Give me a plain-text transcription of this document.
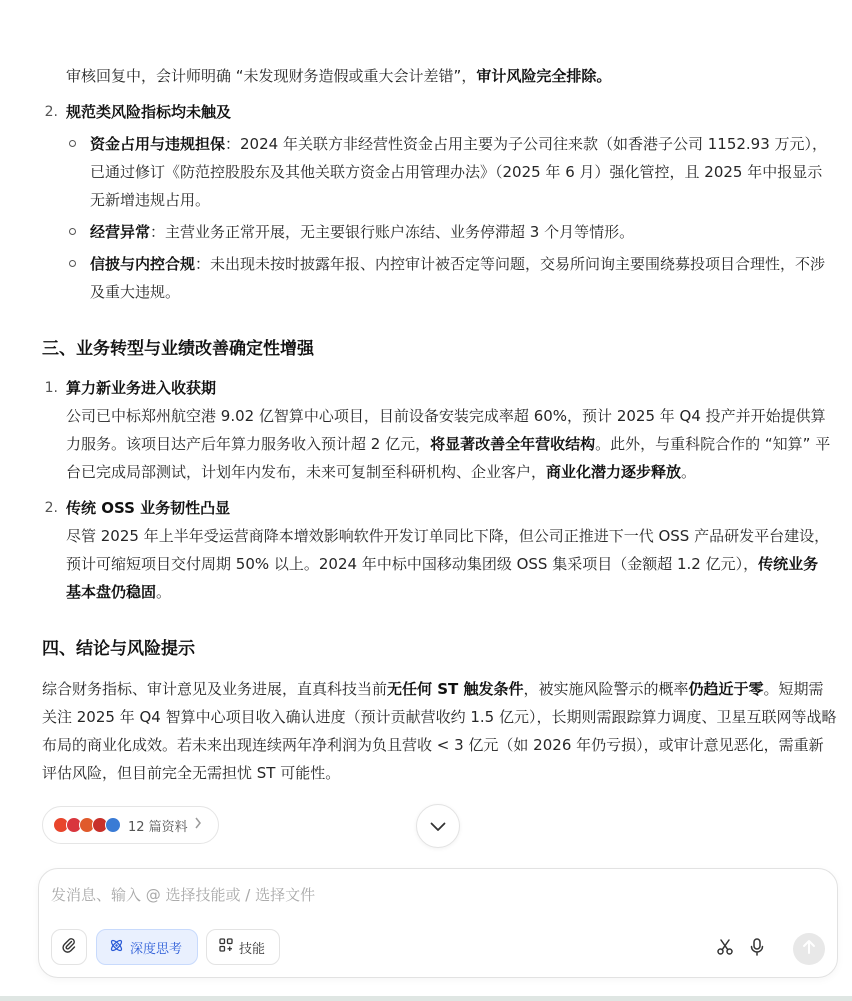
审核回复中，会计师明确 “未发现财务造假或重大会计差错”，审计风险完全排除。

2. 规范类风险指标均未触及
资金占用与违规担保：2024 年关联方非经营性资金占用主要为子公司往来款（如香港子公司 1152.93 万元），已通过修订《防范控股股东及其他关联方资金占用管理办法》（2025 年 6 月）强化管控，且 2025 年中报显示无新增违规占用。
经营异常：主营业务正常开展，无主要银行账户冻结、业务停滞超 3 个月等情形。
信披与内控合规：未出现未按时披露年报、内控审计被否定等问题，交易所问询主要围绕募投项目合理性，不涉及重大违规。
三、业务转型与业绩改善确定性增强
1. 算力新业务进入收获期

公司已中标郑州航空港 9.02 亿智算中心项目，目前设备安装完成率超 60%，预计 2025 年 Q4 投产并开始提供算力服务。该项目达产后年算力服务收入预计超 2 亿元，将显著改善全年营收结构。此外，与重科院合作的 “知算” 平台已完成局部测试，计划年内发布，未来可复制至科研机构、企业客户，商业化潜力逐步释放。

2. 传统 OSS 业务韧性凸显

尽管 2025 年上半年受运营商降本增效影响软件开发订单同比下降，但公司正推进下一代 OSS 产品研发平台建设，预计可缩短项目交付周期 50% 以上。2024 年中标中国移动集团级 OSS 集采项目（金额超 1.2 亿元），传统业务基本盘仍稳固。

四、结论与风险提示

综合财务指标、审计意见及业务进展，直真科技当前无任何 ST 触发条件，被实施风险警示的概率仍趋近于零。短期需关注 2025 年 Q4 智算中心项目收入确认进度（预计贡献营收约 1.5 亿元），长期则需跟踪算力调度、卫星互联网等战略布局的商业化成效。若未来出现连续两年净利润为负且营收 < 3 亿元（如 2026 年仍亏损），或审计意见恶化，需重新评估风险，但目前完全无需担忧 ST 可能性。

12 篇资料
发消息、输入 @ 选择技能或 / 选择文件
深度思考	技能
